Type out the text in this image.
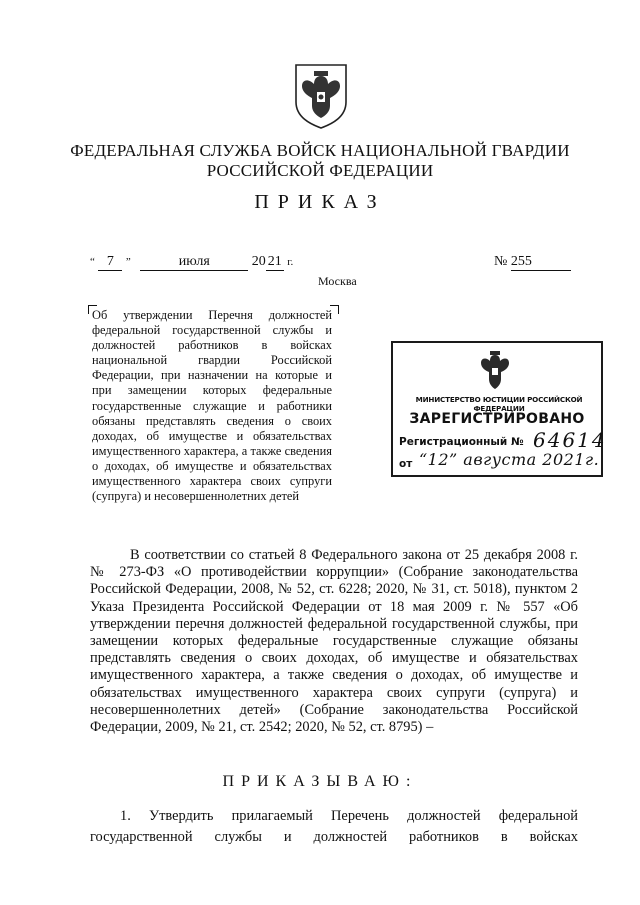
ФЕДЕРАЛЬНАЯ СЛУЖБА ВОЙСК НАЦИОНАЛЬНОЙ ГВАРДИИ
РОССИЙСКОЙ ФЕДЕРАЦИИ
ПРИКАЗ
“ 7 ”	июля	20 21 г.	№ 255
Москва
Об утверждении Перечня должностей федеральной государственной службы и должностей работников в войсках национальной гвардии Российской Федерации, при назначении на которые и при замещении которых федеральные государственные служащие и работники обязаны представлять сведения о своих доходах, об имуществе и обязательствах имущественного характера, а также сведения о доходах, об имуществе и обязательствах имущественного характера своих супруги (супруга) и несовершеннолетних детей
МИНИСТЕРСТВО ЮСТИЦИИ РОССИЙСКОЙ ФЕДЕРАЦИИ
ЗАРЕГИСТРИРОВАНО
Регистрационный № 64614
от “12” августа 2021г.

В соответствии со статьей 8 Федерального закона от 25 декабря 2008 г. № 273-ФЗ «О противодействии коррупции» (Собрание законодательства Российской Федерации, 2008, № 52, ст. 6228; 2020, № 31, ст. 5018), пунктом 2 Указа Президента Российской Федерации от 18 мая 2009 г. № 557 «Об утверждении перечня должностей федеральной государственной службы, при замещении которых федеральные государственные служащие обязаны представлять сведения о своих доходах, об имуществе и обязательствах имущественного характера, а также сведения о доходах, об имуществе и обязательствах имущественного характера своих супруги (супруга) и несовершеннолетних детей» (Собрание законодательства Российской Федерации, 2009, № 21, ст. 2542; 2020, № 52, ст. 8795) –

ПРИКАЗЫВАЮ:

1. Утвердить прилагаемый Перечень должностей федеральной государственной службы и должностей работников в войсках
